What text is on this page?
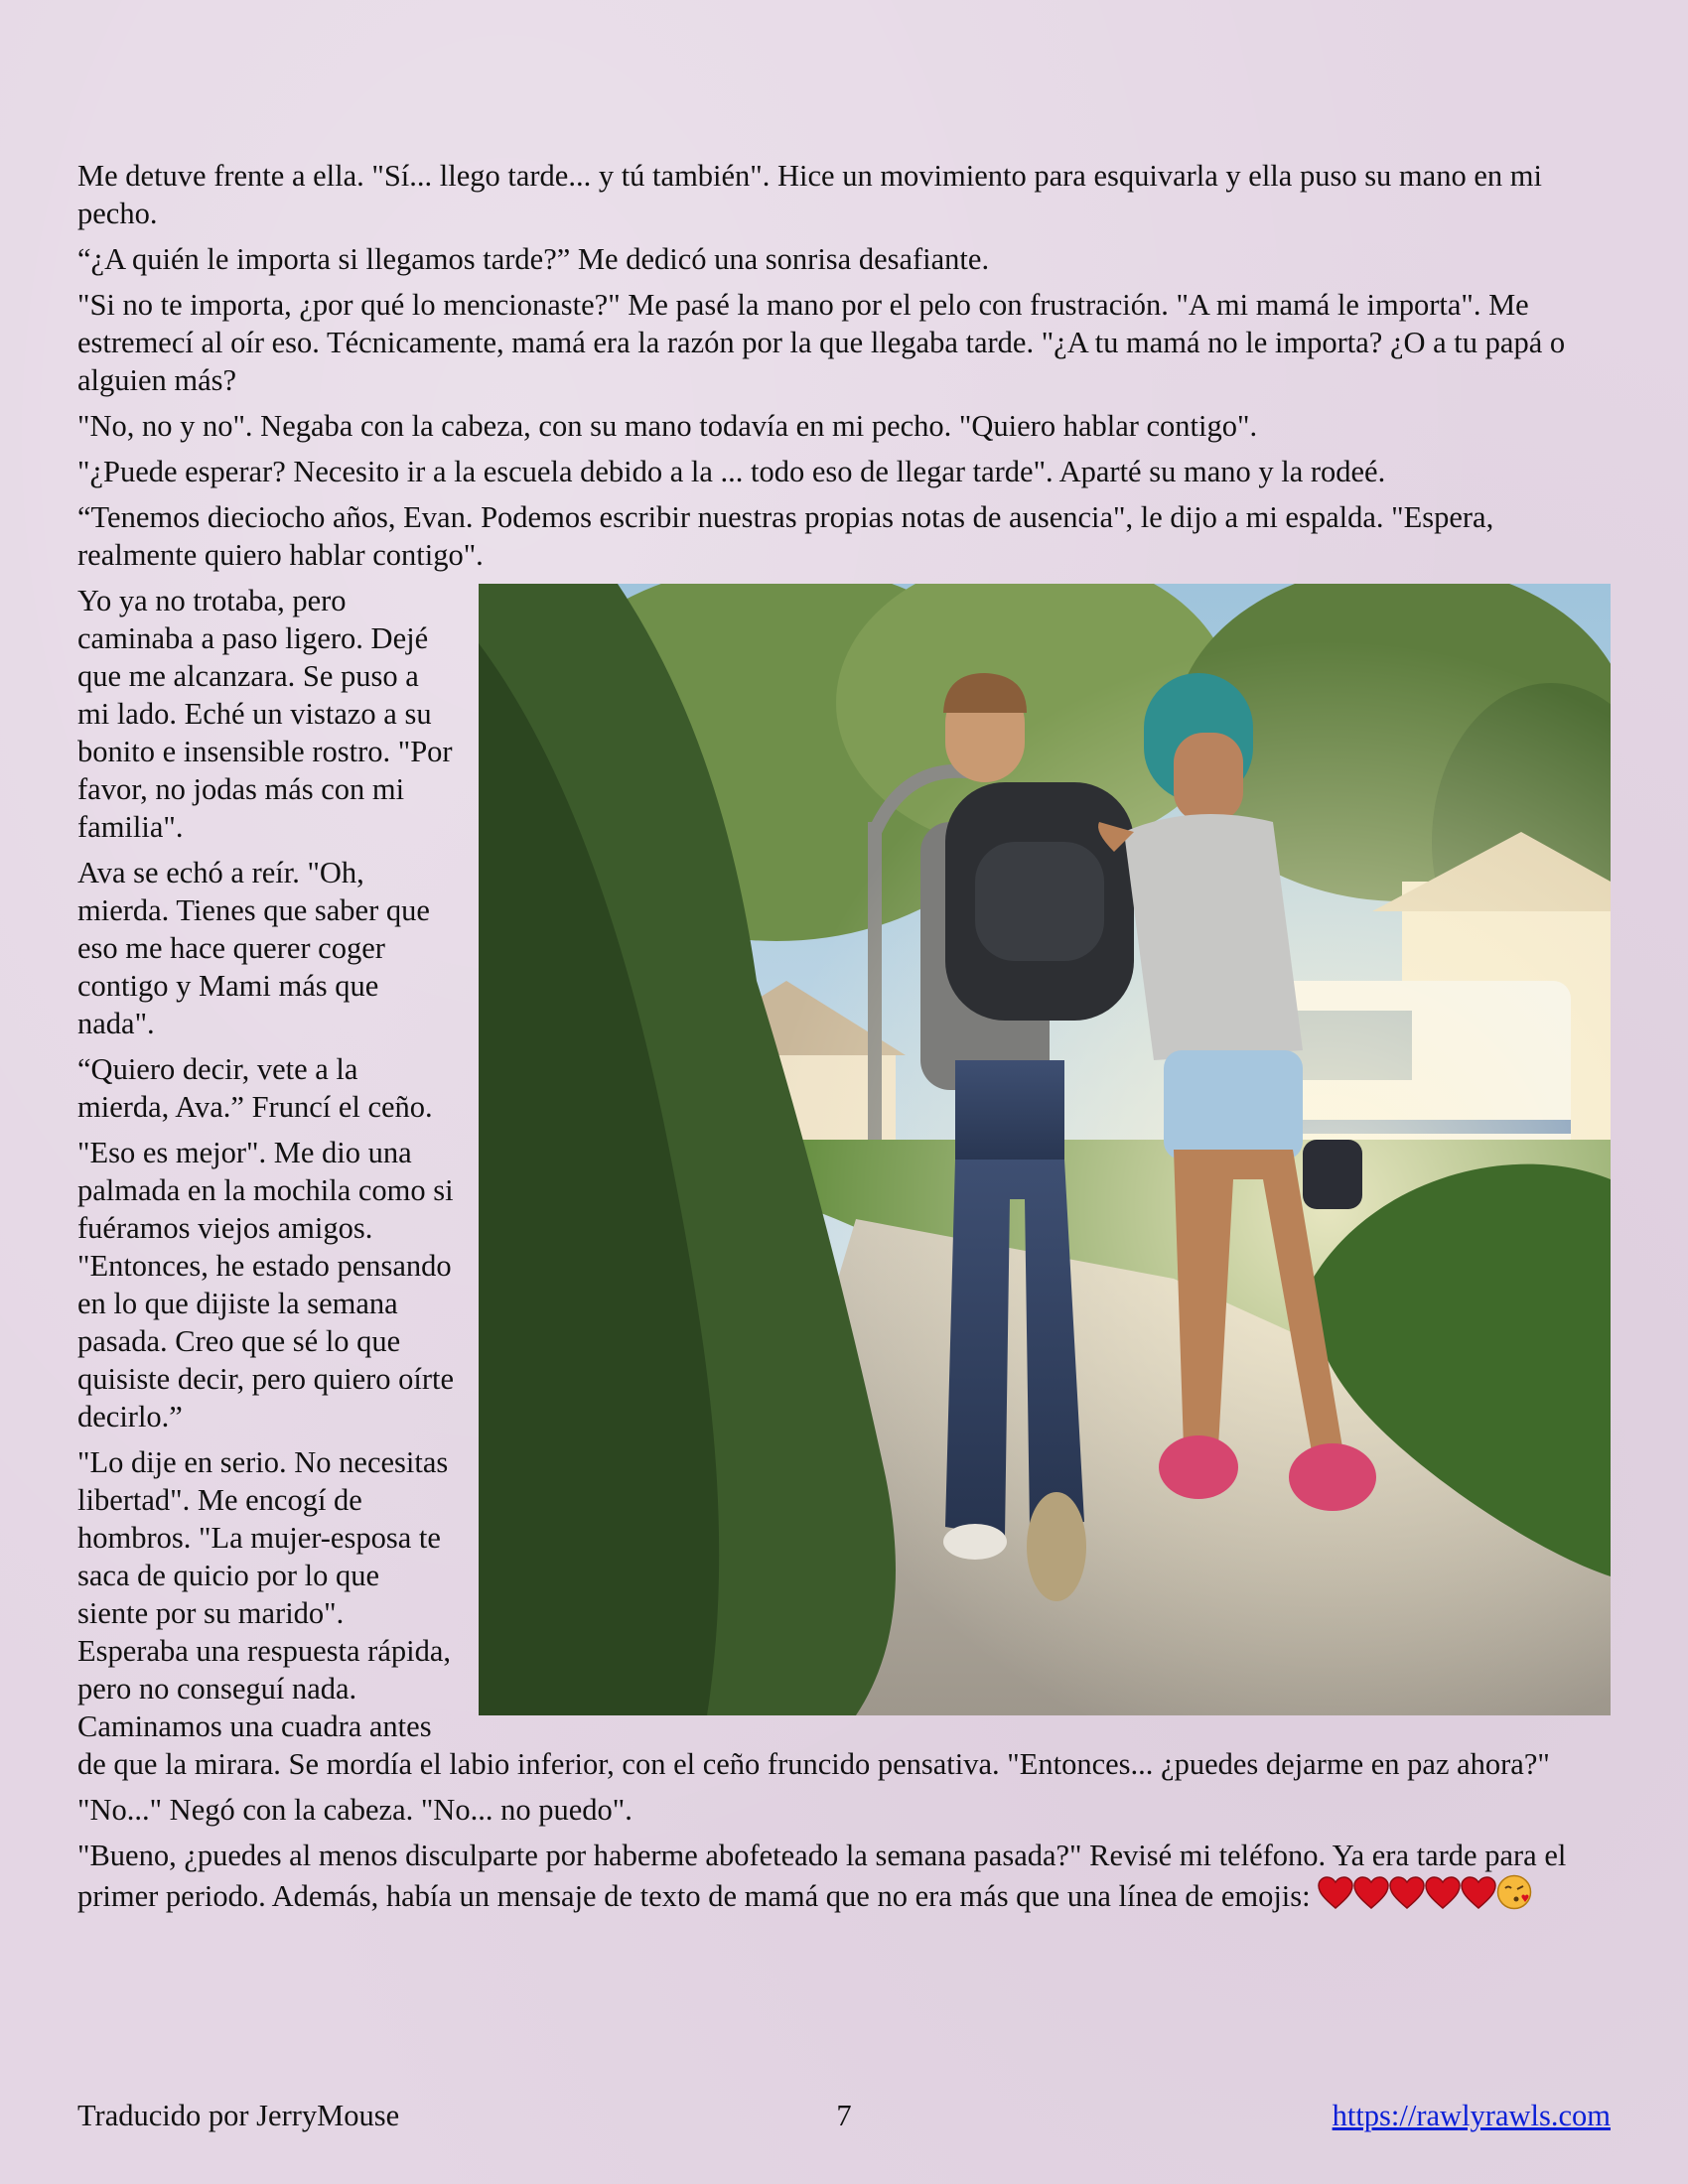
Me detuve frente a ella. "Sí... llego tarde... y tú también". Hice un movimiento para esquivarla y ella puso su mano en mi pecho.

“¿A quién le importa si llegamos tarde?” Me dedicó una sonrisa desafiante.

"Si no te importa, ¿por qué lo mencionaste?" Me pasé la mano por el pelo con frustración. "A mi mamá le importa". Me estremecí al oír eso. Técnicamente, mamá era la razón por la que llegaba tarde. "¿A tu mamá no le importa? ¿O a tu papá o alguien más?

"No, no y no". Negaba con la cabeza, con su mano todavía en mi pecho. "Quiero hablar contigo".

"¿Puede esperar? Necesito ir a la escuela debido a la ... todo eso de llegar tarde". Aparté su mano y la rodeé.

“Tenemos dieciocho años, Evan. Podemos escribir nuestras propias notas de ausencia", le dijo a mi espalda. "Espera, realmente quiero hablar contigo".

Yo ya no trotaba, pero caminaba a paso ligero. Dejé que me alcanzara. Se puso a mi lado. Eché un vistazo a su bonito e insensible rostro. "Por favor, no jodas más con mi familia".

Ava se echó a reír. "Oh, mierda. Tienes que saber que eso me hace querer coger contigo y Mami más que nada".

“Quiero decir, vete a la mierda, Ava.” Fruncí el ceño.

"Eso es mejor". Me dio una palmada en la mochila como si fuéramos viejos amigos. "Entonces, he estado pensando en lo que dijiste la semana pasada. Creo que sé lo que quisiste decir, pero quiero oírte decirlo.”

"Lo dije en serio. No necesitas libertad". Me encogí de hombros. "La mujer-esposa te saca de quicio por lo que siente por su marido". Esperaba una respuesta rápida, pero no conseguí nada. Caminamos una cuadra antes de que la mirara. Se mordía el labio inferior, con el ceño fruncido pensativa. "Entonces... ¿puedes dejarme en paz ahora?"

"No..." Negó con la cabeza. "No... no puedo".

"Bueno, ¿puedes al menos disculparte por haberme abofeteado la semana pasada?" Revisé mi teléfono. Ya era tarde para el primer periodo. Además, había un mensaje de texto de mamá que no era más que una línea de emojis:

Traducido por JerryMouse	7	https://rawlyrawls.com
